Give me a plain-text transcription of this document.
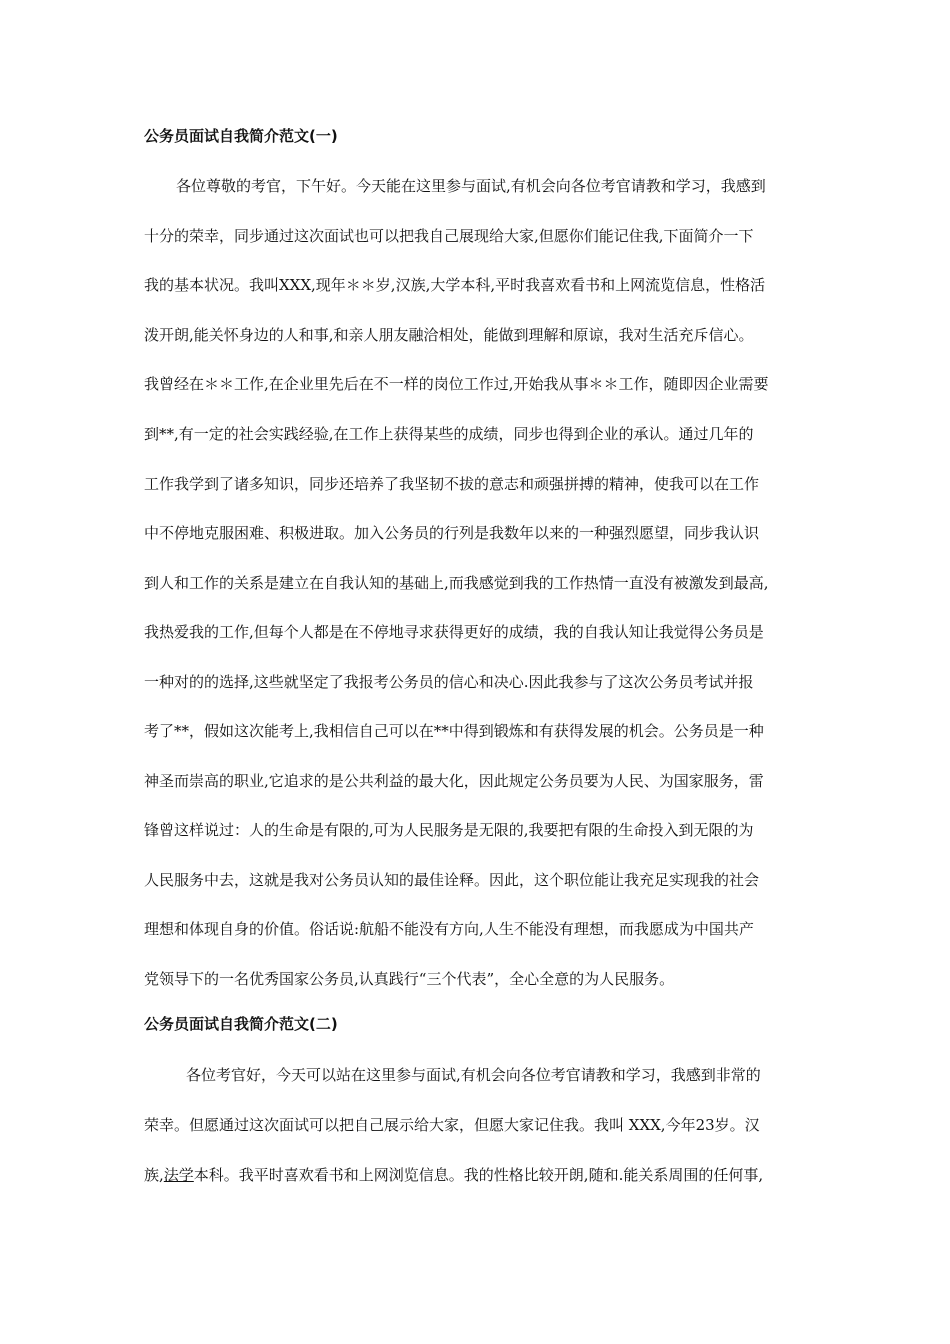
公务员面试自我简介范文(一)

各位尊敬的考官，下午好。今天能在这里参与面试,有机会向各位考官请教和学习，我感到

十分的荣幸，同步通过这次面试也可以把我自己展现给大家,但愿你们能记住我,下面简介一下

我的基本状况。我叫XXX,现年＊＊岁,汉族,大学本科,平时我喜欢看书和上网流览信息，性格活

泼开朗,能关怀身边的人和事,和亲人朋友融洽相处，能做到理解和原谅，我对生活充斥信心。

我曾经在＊＊工作,在企业里先后在不一样的岗位工作过,开始我从事＊＊工作，随即因企业需要

到**,有一定的社会实践经验,在工作上获得某些的成绩，同步也得到企业的承认。通过几年的

工作我学到了诸多知识，同步还培养了我坚韧不拔的意志和顽强拼搏的精神，使我可以在工作

中不停地克服困难、积极进取。加入公务员的行列是我数年以来的一种强烈愿望，同步我认识

到人和工作的关系是建立在自我认知的基础上,而我感觉到我的工作热情一直没有被激发到最高,

我热爱我的工作,但每个人都是在不停地寻求获得更好的成绩，我的自我认知让我觉得公务员是

一种对的的选择,这些就坚定了我报考公务员的信心和决心.因此我参与了这次公务员考试并报

考了**，假如这次能考上,我相信自己可以在**中得到锻炼和有获得发展的机会。公务员是一种

神圣而崇高的职业,它追求的是公共利益的最大化，因此规定公务员要为人民、为国家服务，雷

锋曾这样说过：人的生命是有限的,可为人民服务是无限的,我要把有限的生命投入到无限的为

人民服务中去，这就是我对公务员认知的最佳诠释。因此，这个职位能让我充足实现我的社会

理想和体现自身的价值。俗话说:航船不能没有方向,人生不能没有理想，而我愿成为中国共产

党领导下的一名优秀国家公务员,认真践行“三个代表”，全心全意的为人民服务。

公务员面试自我简介范文(二)

各位考官好，今天可以站在这里参与面试,有机会向各位考官请教和学习，我感到非常的

荣幸。但愿通过这次面试可以把自己展示给大家，但愿大家记住我。我叫 XXX,今年23岁。汉

族,法学本科。我平时喜欢看书和上网浏览信息。我的性格比较开朗,随和.能关系周围的任何事,
